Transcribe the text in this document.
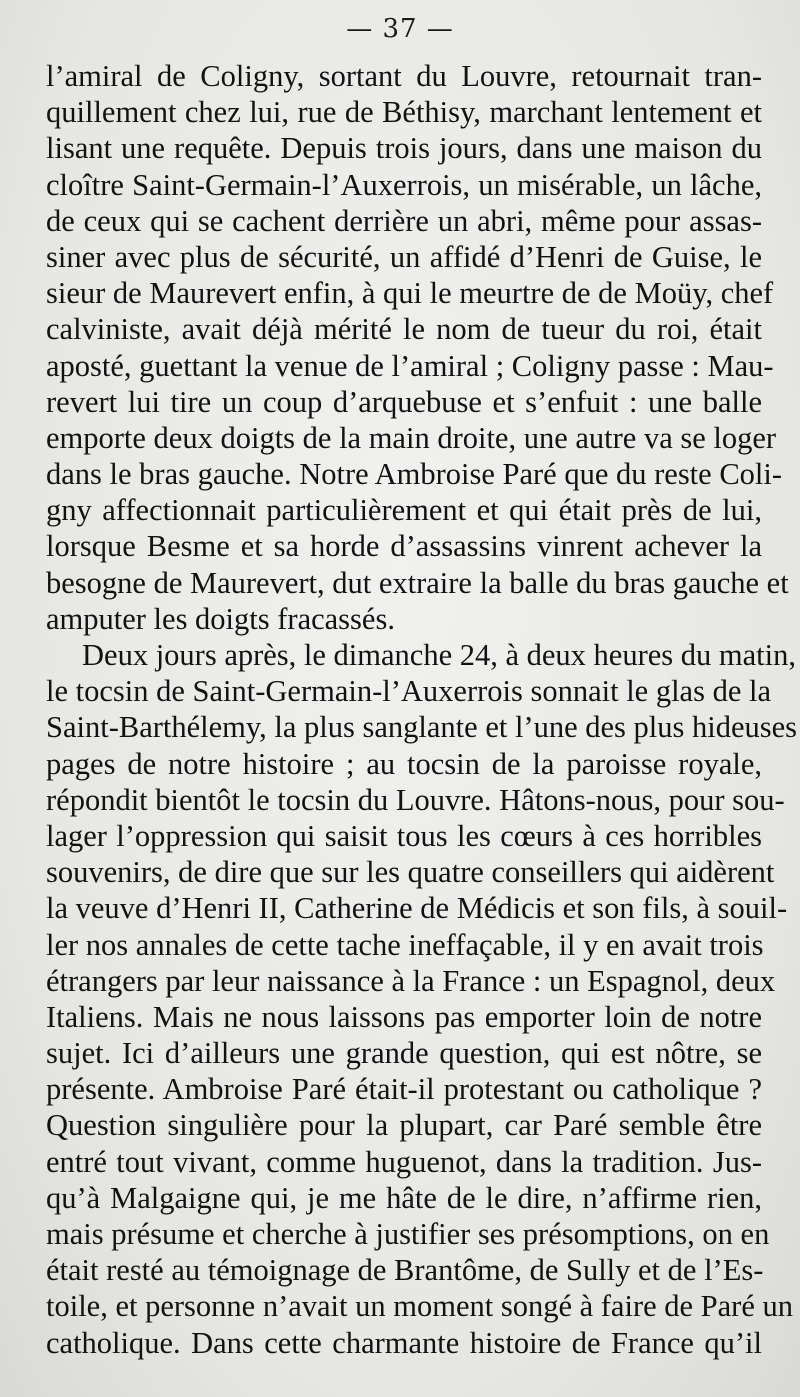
— 37 —
l’amiral de Coligny, sortant du Louvre, retournait tran-
quillement chez lui, rue de Béthisy, marchant lentement et
lisant une requête. Depuis trois jours, dans une maison du
cloître Saint-Germain-l’Auxerrois, un misérable, un lâche,
de ceux qui se cachent derrière un abri, même pour assas-
siner avec plus de sécurité, un affidé d’Henri de Guise, le
sieur de Maurevert enfin, à qui le meurtre de de Moüy, chef
calviniste, avait déjà mérité le nom de tueur du roi, était
aposté, guettant la venue de l’amiral ; Coligny passe : Mau-
revert lui tire un coup d’arquebuse et s’enfuit : une balle
emporte deux doigts de la main droite, une autre va se loger
dans le bras gauche. Notre Ambroise Paré que du reste Coli-
gny affectionnait particulièrement et qui était près de lui,
lorsque Besme et sa horde d’assassins vinrent achever la
besogne de Maurevert, dut extraire la balle du bras gauche et
amputer les doigts fracassés.
Deux jours après, le dimanche 24, à deux heures du matin,
le tocsin de Saint-Germain-l’Auxerrois sonnait le glas de la
Saint-Barthélemy, la plus sanglante et l’une des plus hideuses
pages de notre histoire ; au tocsin de la paroisse royale,
répondit bientôt le tocsin du Louvre. Hâtons-nous, pour sou-
lager l’oppression qui saisit tous les cœurs à ces horribles
souvenirs, de dire que sur les quatre conseillers qui aidèrent
la veuve d’Henri II, Catherine de Médicis et son fils, à souil-
ler nos annales de cette tache ineffaçable, il y en avait trois
étrangers par leur naissance à la France : un Espagnol, deux
Italiens. Mais ne nous laissons pas emporter loin de notre
sujet. Ici d’ailleurs une grande question, qui est nôtre, se
présente. Ambroise Paré était-il protestant ou catholique ?
Question singulière pour la plupart, car Paré semble être
entré tout vivant, comme huguenot, dans la tradition. Jus-
qu’à Malgaigne qui, je me hâte de le dire, n’affirme rien,
mais présume et cherche à justifier ses présomptions, on en
était resté au témoignage de Brantôme, de Sully et de l’Es-
toile, et personne n’avait un moment songé à faire de Paré un
catholique. Dans cette charmante histoire de France qu’il
